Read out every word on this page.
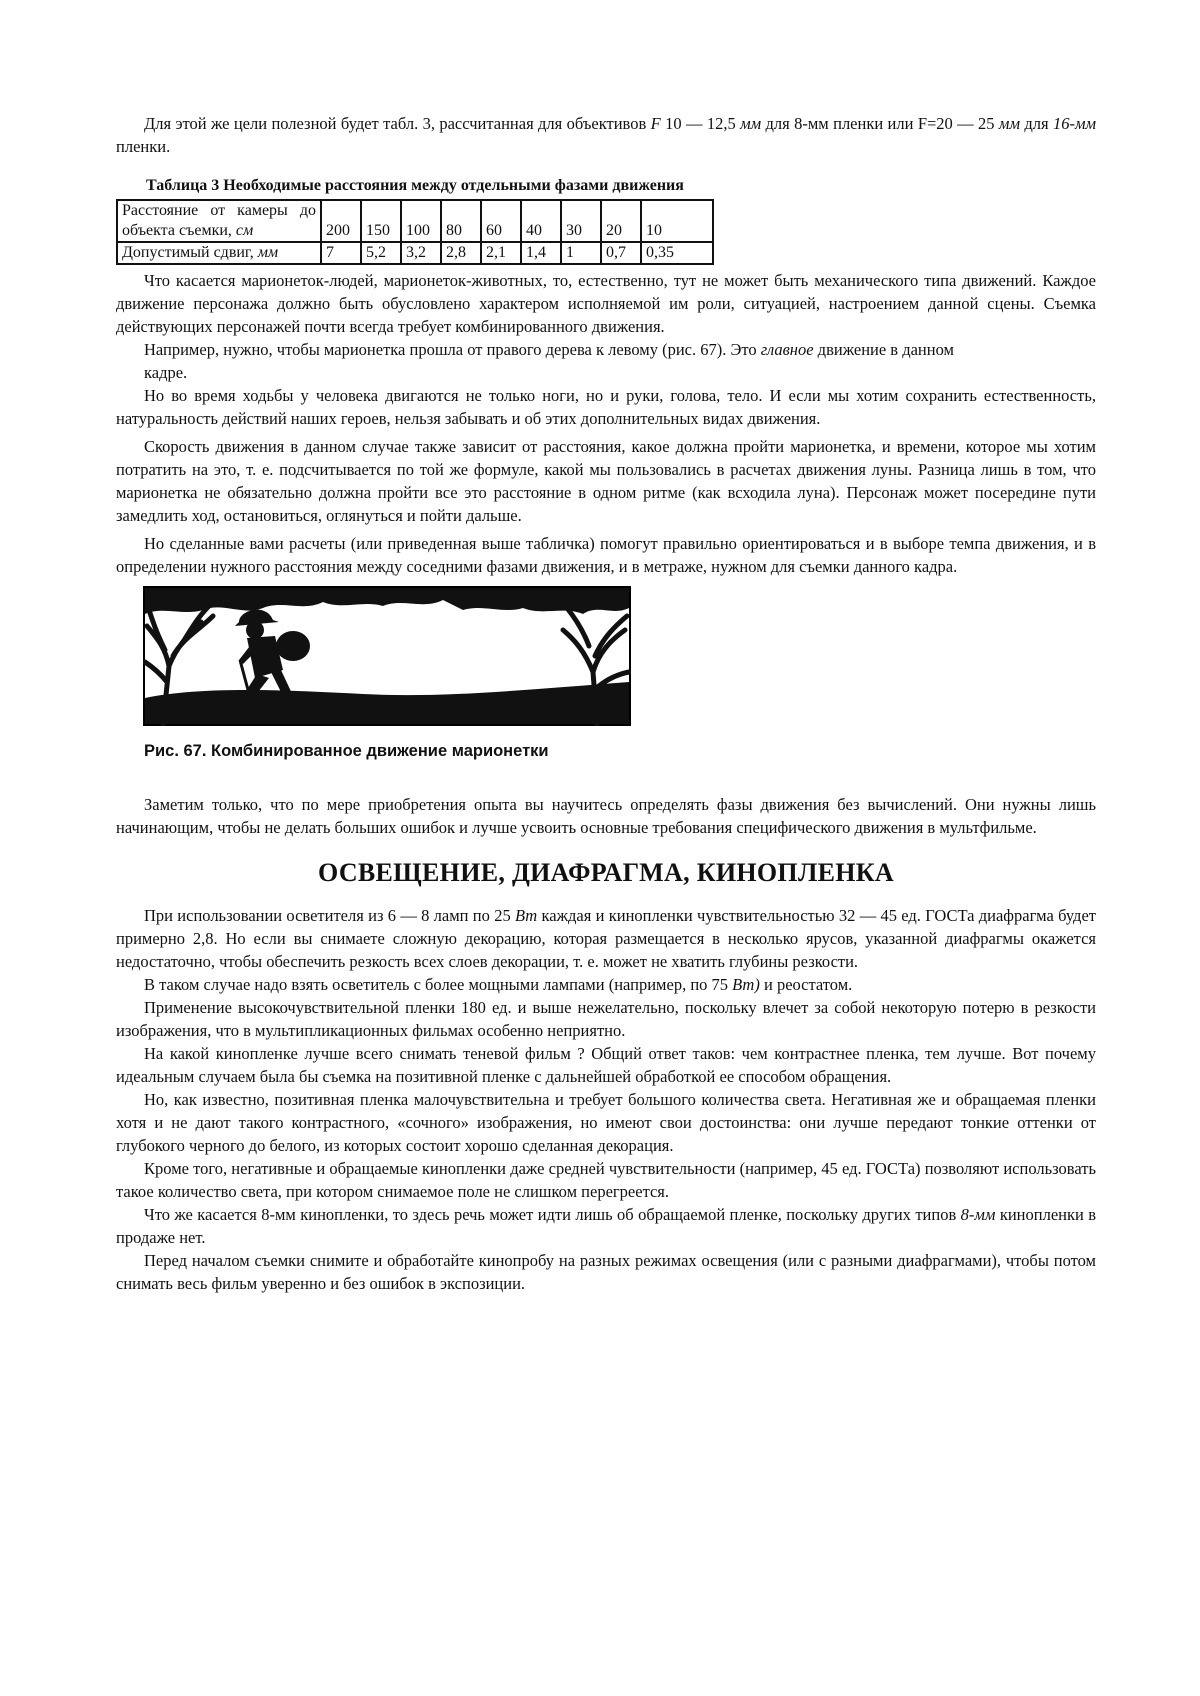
Для этой же цели полезной будет табл. 3, рассчитанная для объективов F 10 — 12,5 мм для 8-мм пленки или F=20 — 25 мм для 16-мм пленки.

Таблица 3 Необходимые расстояния между отдельными фазами движения
Расстояние от камеры до объекта съемки, см	200	150	100	80	60	40	30	20	10
Допустимый сдвиг, мм	7	5,2	3,2	2,8	2,1	1,4	1	0,7	0,35

Что касается марионеток-людей, марионеток-животных, то, естественно, тут не может быть механического типа движений. Каждое движение персонажа должно быть обусловлено характером исполняемой им роли, ситуацией, настроением данной сцены. Съемка действующих персонажей почти всегда требует комбинированного движения.

Например, нужно, чтобы марионетка прошла от правого дерева к левому (рис. 67). Это главное движение в данном

кадре.

Но во время ходьбы у человека двигаются не только ноги, но и руки, голова, тело. И если мы хотим сохранить естественность, натуральность действий наших героев, нельзя забывать и об этих дополнительных видах движения.

Скорость движения в данном случае также зависит от расстояния, какое должна пройти марионетка, и времени, которое мы хотим потратить на это, т. е. подсчитывается по той же формуле, какой мы пользовались в расчетах движения луны. Разница лишь в том, что марионетка не обязательно должна пройти все это расстояние в одном ритме (как всходила луна). Персонаж может посередине пути замедлить ход, остановиться, оглянуться и пойти дальше.

Но сделанные вами расчеты (или приведенная выше табличка) помогут правильно ориентироваться и в выборе темпа движения, и в определении нужного расстояния между соседними фазами движения, и в метраже, нужном для съемки данного кадра.

Рис. 67. Комбинированное движение марионетки

Заметим только, что по мере приобретения опыта вы научитесь определять фазы движения без вычислений. Они нужны лишь начинающим, чтобы не делать больших ошибок и лучше усвоить основные требования специфического движения в мультфильме.

ОСВЕЩЕНИЕ, ДИАФРАГМА, КИНОПЛЕНКА

При использовании осветителя из 6 — 8 ламп по 25 Вт каждая и кинопленки чувствительностью 32 — 45 ед. ГОСТа диафрагма будет примерно 2,8. Но если вы снимаете сложную декорацию, которая размещается в несколько ярусов, указанной диафрагмы окажется недостаточно, чтобы обеспечить резкость всех слоев декорации, т. е. может не хватить глубины резкости.

В таком случае надо взять осветитель с более мощными лампами (например, по 75 Вт) и реостатом.

Применение высокочувствительной пленки 180 ед. и выше нежелательно, поскольку влечет за собой некоторую потерю в резкости изображения, что в мультипликационных фильмах особенно неприятно.

На какой кинопленке лучше всего снимать теневой фильм ? Общий ответ таков: чем контрастнее пленка, тем лучше. Вот почему идеальным случаем была бы съемка на позитивной пленке с дальнейшей обработкой ее способом обращения.

Но, как известно, позитивная пленка малочувствительна и требует большого количества света. Негативная же и обращаемая пленки хотя и не дают такого контрастного, «сочного» изображения, но имеют свои достоинства: они лучше передают тонкие оттенки от глубокого черного до белого, из которых состоит хорошо сделанная декорация.

Кроме того, негативные и обращаемые кинопленки даже средней чувствительности (например, 45 ед. ГОСТа) позволяют использовать такое количество света, при котором снимаемое поле не слишком перегреется.

Что же касается 8-мм кинопленки, то здесь речь может идти лишь об обращаемой пленке, поскольку других типов 8-мм кинопленки в продаже нет.

Перед началом съемки снимите и обработайте кинопробу на разных режимах освещения (или с разными диафрагмами), чтобы потом снимать весь фильм уверенно и без ошибок в экспозиции.
